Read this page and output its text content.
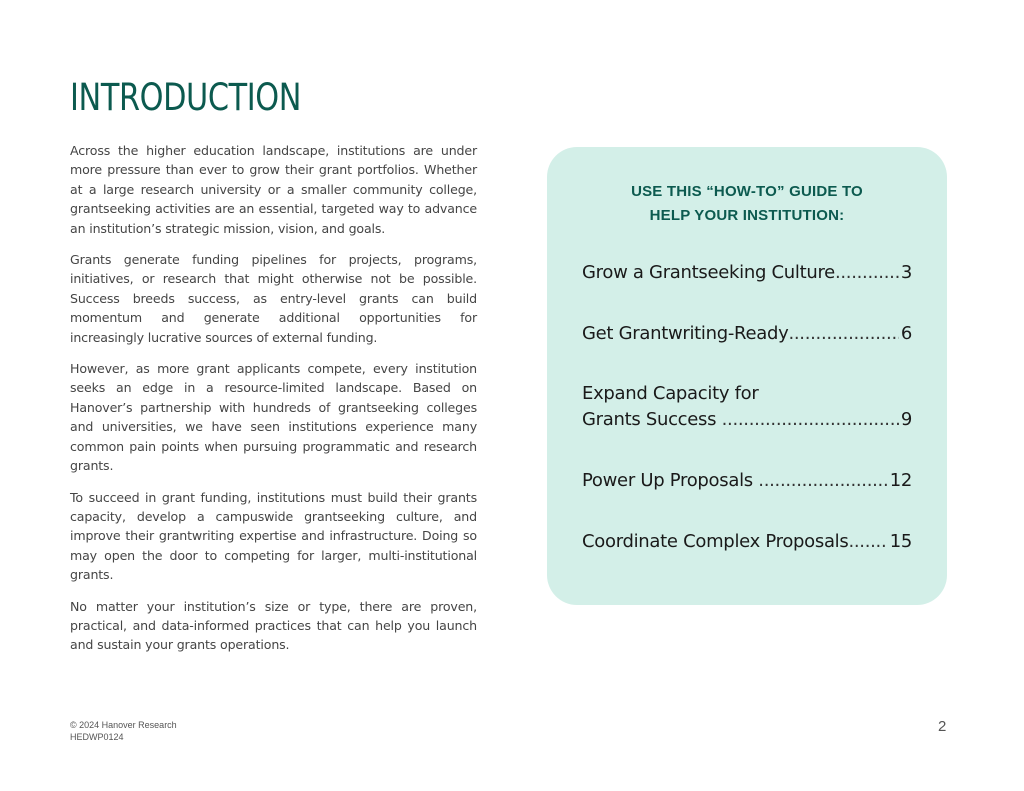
INTRODUCTION

Across the higher education landscape, institutions are under more pressure than ever to grow their grant portfolios. Whether at a large research university or a smaller community college, grantseeking activities are an essential, targeted way to advance an institution’s strategic mission, vision, and goals.

Grants generate funding pipelines for projects, programs, initiatives, or research that might otherwise not be possible. Success breeds success, as entry-level grants can build momentum and generate additional opportunities for increasingly lucrative sources of external funding.

However, as more grant applicants compete, every institution seeks an edge in a resource-limited landscape. Based on Hanover’s partnership with hundreds of grantseeking colleges and universities, we have seen institutions experience many common pain points when pursuing programmatic and research grants.

To succeed in grant funding, institutions must build their grants capacity, develop a campuswide grantseeking culture, and improve their grantwriting expertise and infrastructure. Doing so may open the door to competing for larger, multi-institutional grants.

No matter your institution’s size or type, there are proven, practical, and data-informed practices that can help you launch and sustain your grants operations.

USE THIS “HOW-TO” GUIDE TO
HELP YOUR INSTITUTION:
Grow a Grantseeking Culture .....	3
Get Grantwriting-Ready .....	6
Expand Capacity for
Grants Success .....	9
Power Up Proposals .....	12
Coordinate Complex Proposals ..... 15
© 2024 Hanover Research
HEDWP0124
2
